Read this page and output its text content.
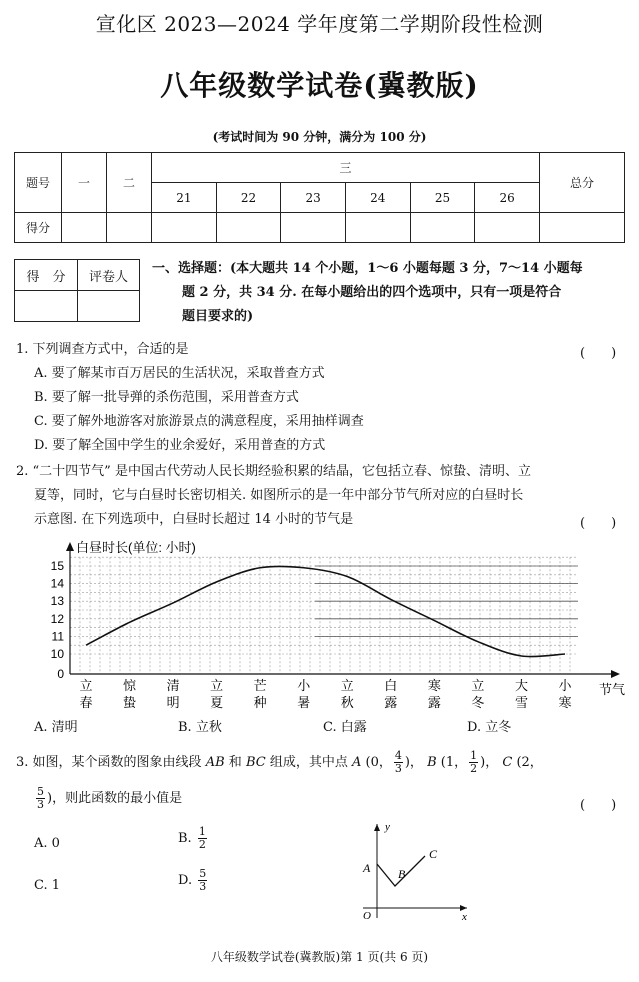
宣化区 2023—2024 学年度第二学期阶段性检测
八年级数学试卷(冀教版)
(考试时间为 90 分钟，满分为 100 分)
题号	一	二	三						总分
			21	22	23	24	25	26	
得分									
得　分	评卷人

一、选择题：(本大题共 14 个小题，1～6 小题每题 3 分，7～14 小题每
题 2 分，共 34 分. 在每小题给出的四个选项中，只有一项是符合
题目要求的)
1. 下列调查方式中，合适的是	(　　)
A. 要了解某市百万居民的生活状况，采取普查方式
B. 要了解一批导弹的杀伤范围，采用普查方式
C. 要了解外地游客对旅游景点的满意程度，采用抽样调查
D. 要了解全国中学生的业余爱好，采用普查的方式
2. “二十四节气” 是中国古代劳动人民长期经验积累的结晶，它包括立春、惊蛰、清明、立
夏等，同时，它与白昼时长密切相关. 如图所示的是一年中部分节气所对应的白昼时长
示意图. 在下列选项中，白昼时长超过 14 小时的节气是	(　　)
白昼时长(单位: 小时)
0
10
11
12
13
14
15
立
春
惊
蛰
清
明
立
夏
芒
种
小
暑
立
秋
白
露
寒
露
立
冬
大
雪
小
寒
节气
A. 清明	B. 立秋	C. 白露	D. 立冬
3. 如图，某个函数的图象由线段 AB 和 BC 组成，其中点 A (0， $\frac{4}{3}$ )， B (1， $\frac{1}{2}$ )， C (2，
$\frac{5}{3}$ )，则此函数的最小值是	(　　)
A. 0	B. $\frac{1}{2}$
C. 1	D. $\frac{5}{3}$
y
x
O
A B
C
八年级数学试卷(冀教版)第 1 页(共 6 页)
